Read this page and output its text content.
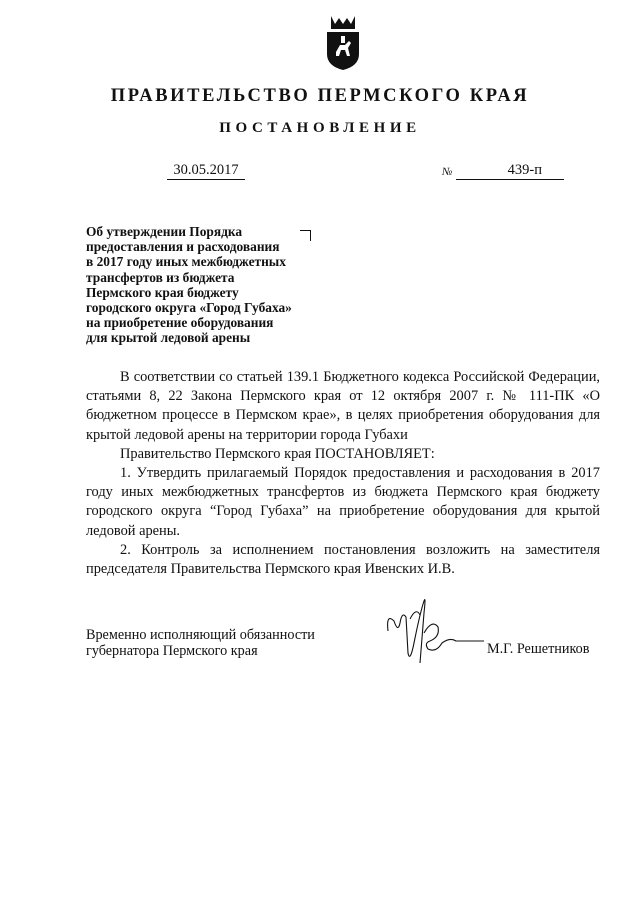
ПРАВИТЕЛЬСТВО ПЕРМСКОГО КРАЯ
ПОСТАНОВЛЕНИЕ
30.05.2017	№	439-п
Об утверждении Порядка
предоставления и расходования
в 2017 году иных межбюджетных
трансфертов из бюджета
Пермского края бюджету
городского округа «Город Губаха»
на приобретение оборудования
для крытой ледовой арены

В соответствии со статьей 139.1 Бюджетного кодекса Российской Федерации, статьями 8, 22 Закона Пермского края от 12 октября 2007 г. № 111-ПК «О бюджетном процессе в Пермском крае», в целях приобретения оборудования для крытой ледовой арены на территории города Губахи

Правительство Пермского края ПОСТАНОВЛЯЕТ:

1. Утвердить прилагаемый Порядок предоставления и расходования в 2017 году иных межбюджетных трансфертов из бюджета Пермского края бюджету городского округа “Город Губаха” на приобретение оборудования для крытой ледовой арены.

2. Контроль за исполнением постановления возложить на заместителя председателя Правительства Пермского края Ивенских И.В.

Временно исполняющий обязанности
губернатора Пермского края	М.Г. Решетников
